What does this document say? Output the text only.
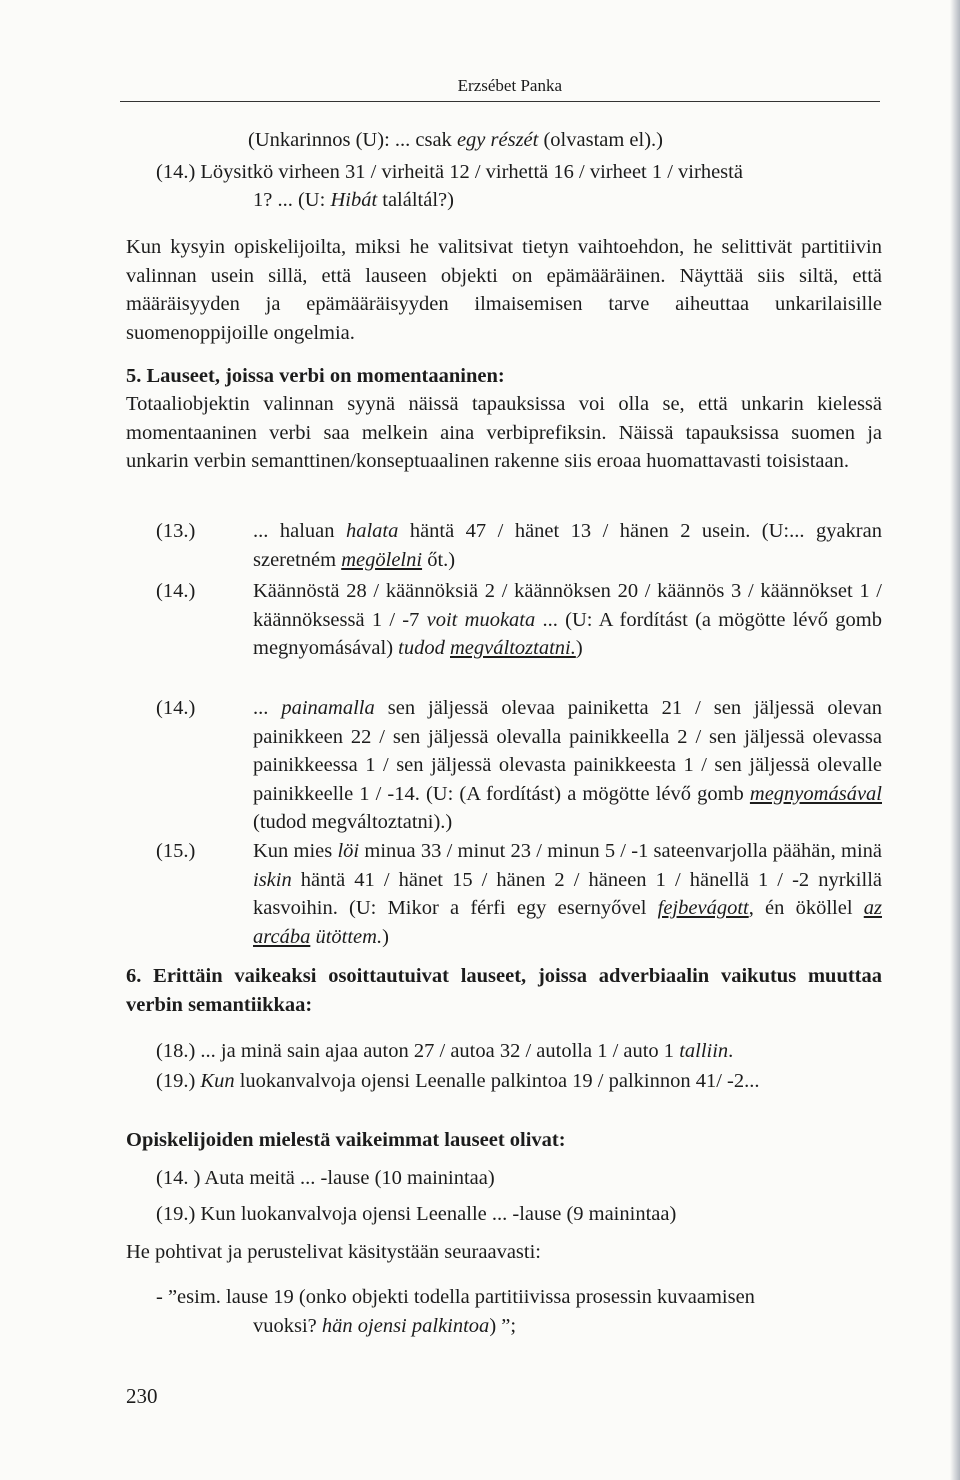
Erzsébet Panka
(Unkarinnos (U): ... csak egy részét (olvastam el).)
(14.) Löysitkö virheen 31 / virheitä 12 / virhettä 16 / virheet 1 / virhestä
1? ... (U: Hibát találtál?)
Kun kysyin opiskelijoilta, miksi he valitsivat tietyn vaihtoehdon, he selittivät partitiivin valinnan usein sillä, että lauseen objekti on epämääräinen. Näyttää siis siltä, että määräisyyden ja epämääräisyyden ilmaisemisen tarve aiheuttaa unkarilaisille suomenoppijoille ongelmia.
5. Lauseet, joissa verbi on momentaaninen:
Totaaliobjektin valinnan syynä näissä tapauksissa voi olla se, että unkarin kielessä momentaaninen verbi saa melkein aina verbiprefiksin. Näissä tapauksissa suomen ja unkarin verbin semanttinen/konseptuaalinen rakenne siis eroaa huomattavasti toisistaan.
(13.)	... haluan halata häntä 47 / hänet 13 / hänen 2 usein. (U:... gyakran szeretném megölelni őt.)
(14.)	Käännöstä 28 / käännöksiä 2 / käännöksen 20 / käännös 3 / käännökset 1 / käännöksessä 1 / -7 voit muokata ... (U: A fordítást (a mögötte lévő gomb megnyomásával) tudod megváltoztatni.)
(14.)	... painamalla sen jäljessä olevaa painiketta 21 / sen jäljessä olevan painikkeen 22 / sen jäljessä olevalla painikkeella 2 / sen jäljessä olevassa painikkeessa 1 / sen jäljessä olevasta painikkeesta 1 / sen jäljessä olevalle painikkeelle 1 / -14. (U: (A fordítást) a mögötte lévő gomb megnyomásával (tudod megváltoztatni).)
(15.)	Kun mies löi minua 33 / minut 23 / minun 5 / -1 sateenvarjolla päähän, minä iskin häntä 41 / hänet 15 / hänen 2 / häneen 1 / hänellä 1 / -2 nyrkillä kasvoihin. (U: Mikor a férfi egy esernyővel fejbevágott, én ököllel az arcába ütöttem.)
6. Erittäin vaikeaksi osoittautuivat lauseet, joissa adverbiaalin vaikutus muuttaa verbin semantiikkaa:
(18.) ... ja minä sain ajaa auton 27 / autoa 32 / autolla 1 / auto 1 talliin.
(19.) Kun luokanvalvoja ojensi Leenalle palkintoa 19 / palkinnon 41/ -2...
Opiskelijoiden mielestä vaikeimmat lauseet olivat:
(14. ) Auta meitä ... -lause (10 mainintaa)
(19.) Kun luokanvalvoja ojensi Leenalle ... -lause (9 mainintaa)
He pohtivat ja perustelivat käsitystään seuraavasti:
- ”esim. lause 19 (onko objekti todella partitiivissa prosessin kuvaamisen
vuoksi? hän ojensi palkintoa) ”;
230
